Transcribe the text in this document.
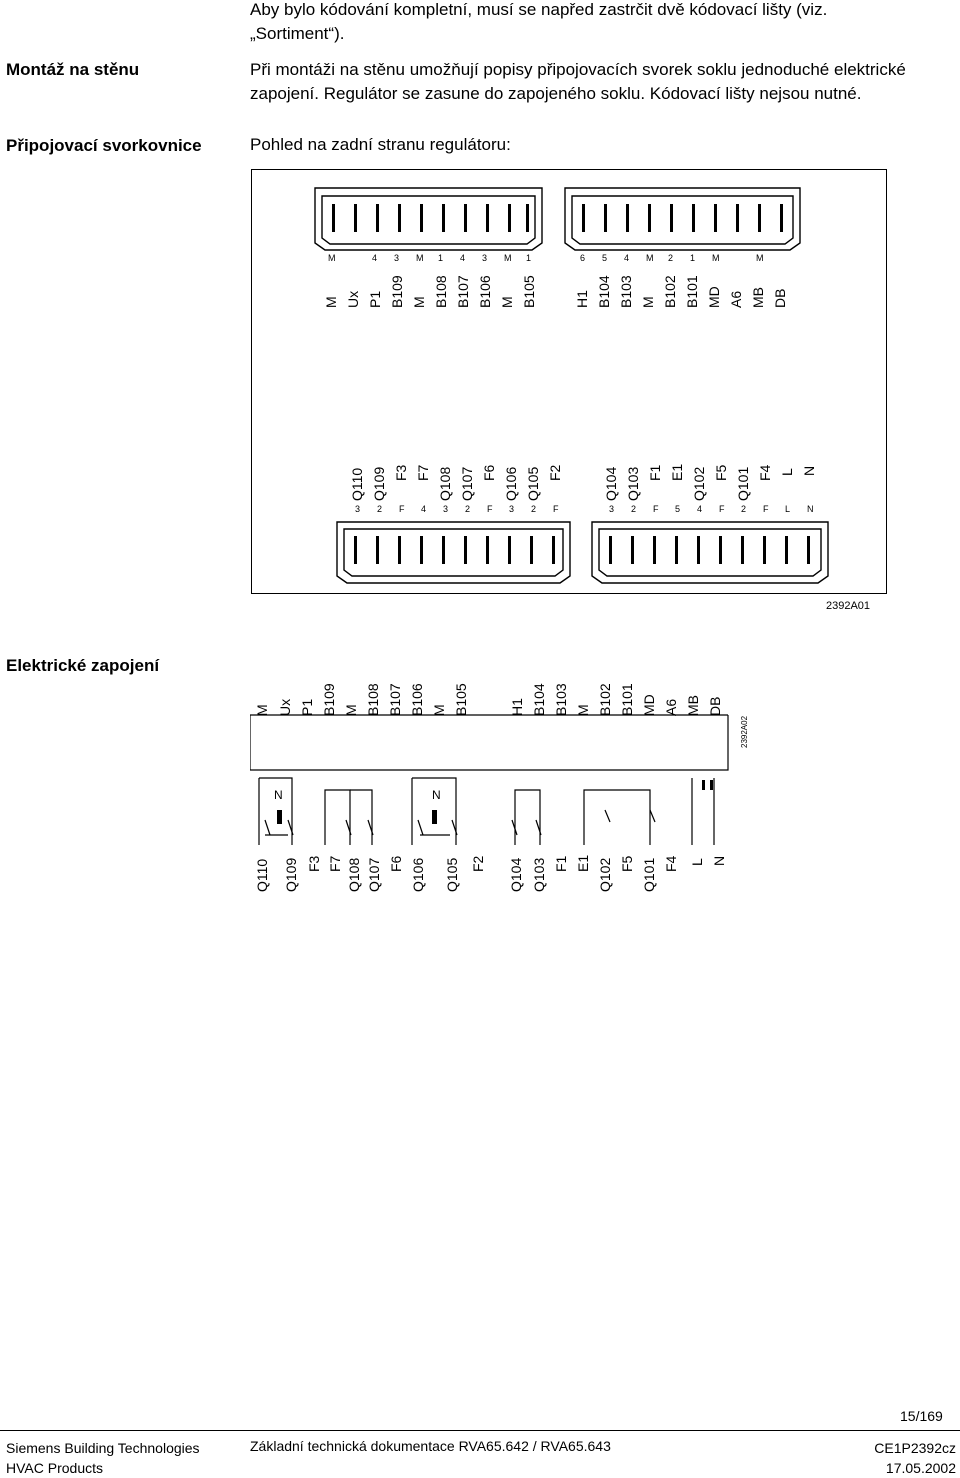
Aby bylo kódování kompletní, musí se napřed zastrčit dvě kódovací lišty (viz.
„Sortiment“).
Montáž na stěnu	Při montáži na stěnu umožňují popisy připojovacích svorek soklu jednoduché elektrické
zapojení. Regulátor se zasune do zapojeného soklu. Kódovací lišty nejsou nutné.
Připojovací svorkovnice	Pohled na zadní stranu regulátoru:
M	4 3 M 1 4 3 M 1
M Ux P1 B109 M B108 B107 B106 M B105
6 5 4 M 2 1 M	M
H1 B104 B103 M B102 B101 MD A6 MB DB
Q110 Q109 F3 F7 Q108 Q107 F6 Q106 Q105 F2
3 2 F 4 3 2 F 3 2 F
Q104 Q103 F1 E1 Q102 F5 Q101 F4 L N
3 2 F 5 4 F 2 F L N
2392A01
Elektrické zapojení
N	N
2392A02
M Ux P1 B109 M B108 B107 B106 M B105	H1 B104 B103 M B102 B101 MD A6 MB DB
Q110 Q109 F3 F7 Q108 Q107 F6 Q106 Q105 F2 Q104 Q103 F1 E1 Q102 F5 Q101 F4 L N
15/169
Siemens Building Technologies
HVAC Products
Základní technická dokumentace RVA65.642 / RVA65.643	CE1P2392cz
17.05.2002
